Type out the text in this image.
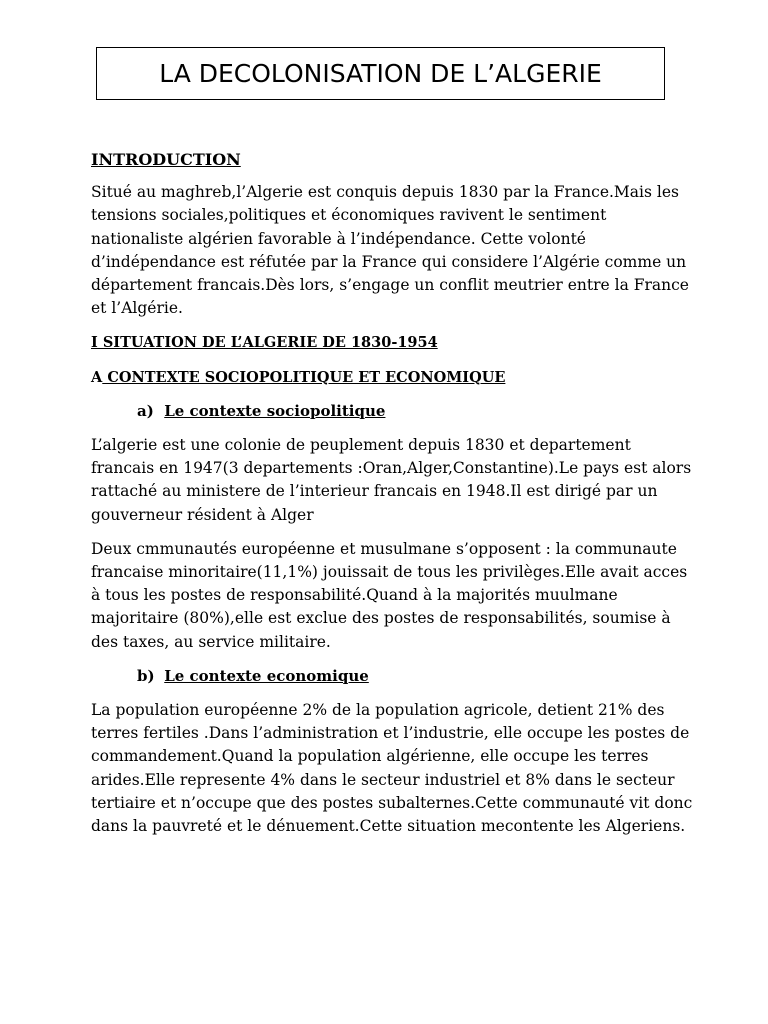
LA DECOLONISATION DE L’ALGERIE
INTRODUCTION
Situé au maghreb,l’Algerie est conquis depuis 1830 par la France.Mais les
tensions sociales,politiques et économiques ravivent le sentiment
nationaliste algérien favorable à l’indépendance. Cette volonté
d’indépendance est réfutée par la France qui considere l’Algérie comme un
département francais.Dès lors, s’engage un conflit meutrier entre la France
et l’Algérie.
I SITUATION DE L’ALGERIE DE 1830-1954
A CONTEXTE SOCIOPOLITIQUE ET ECONOMIQUE
a) Le contexte sociopolitique
L’algerie est une colonie de peuplement depuis 1830 et departement
francais en 1947(3 departements :Oran,Alger,Constantine).Le pays est alors
rattaché au ministere de l’interieur francais en 1948.Il est dirigé par un
gouverneur résident à Alger
Deux cmmunautés européenne et musulmane s’opposent : la communaute
francaise minoritaire(11,1%) jouissait de tous les privilèges.Elle avait acces
à tous les postes de responsabilité.Quand à la majorités muulmane
majoritaire (80%),elle est exclue des postes de responsabilités, soumise à
des taxes, au service militaire.
b) Le contexte economique
La population européenne 2% de la population agricole, detient 21% des
terres fertiles .Dans l’administration et l’industrie, elle occupe les postes de
commandement.Quand la population algérienne, elle occupe les terres
arides.Elle represente 4% dans le secteur industriel et 8% dans le secteur
tertiaire et n’occupe que des postes subalternes.Cette communauté vit donc
dans la pauvreté et le dénuement.Cette situation mecontente les Algeriens.
